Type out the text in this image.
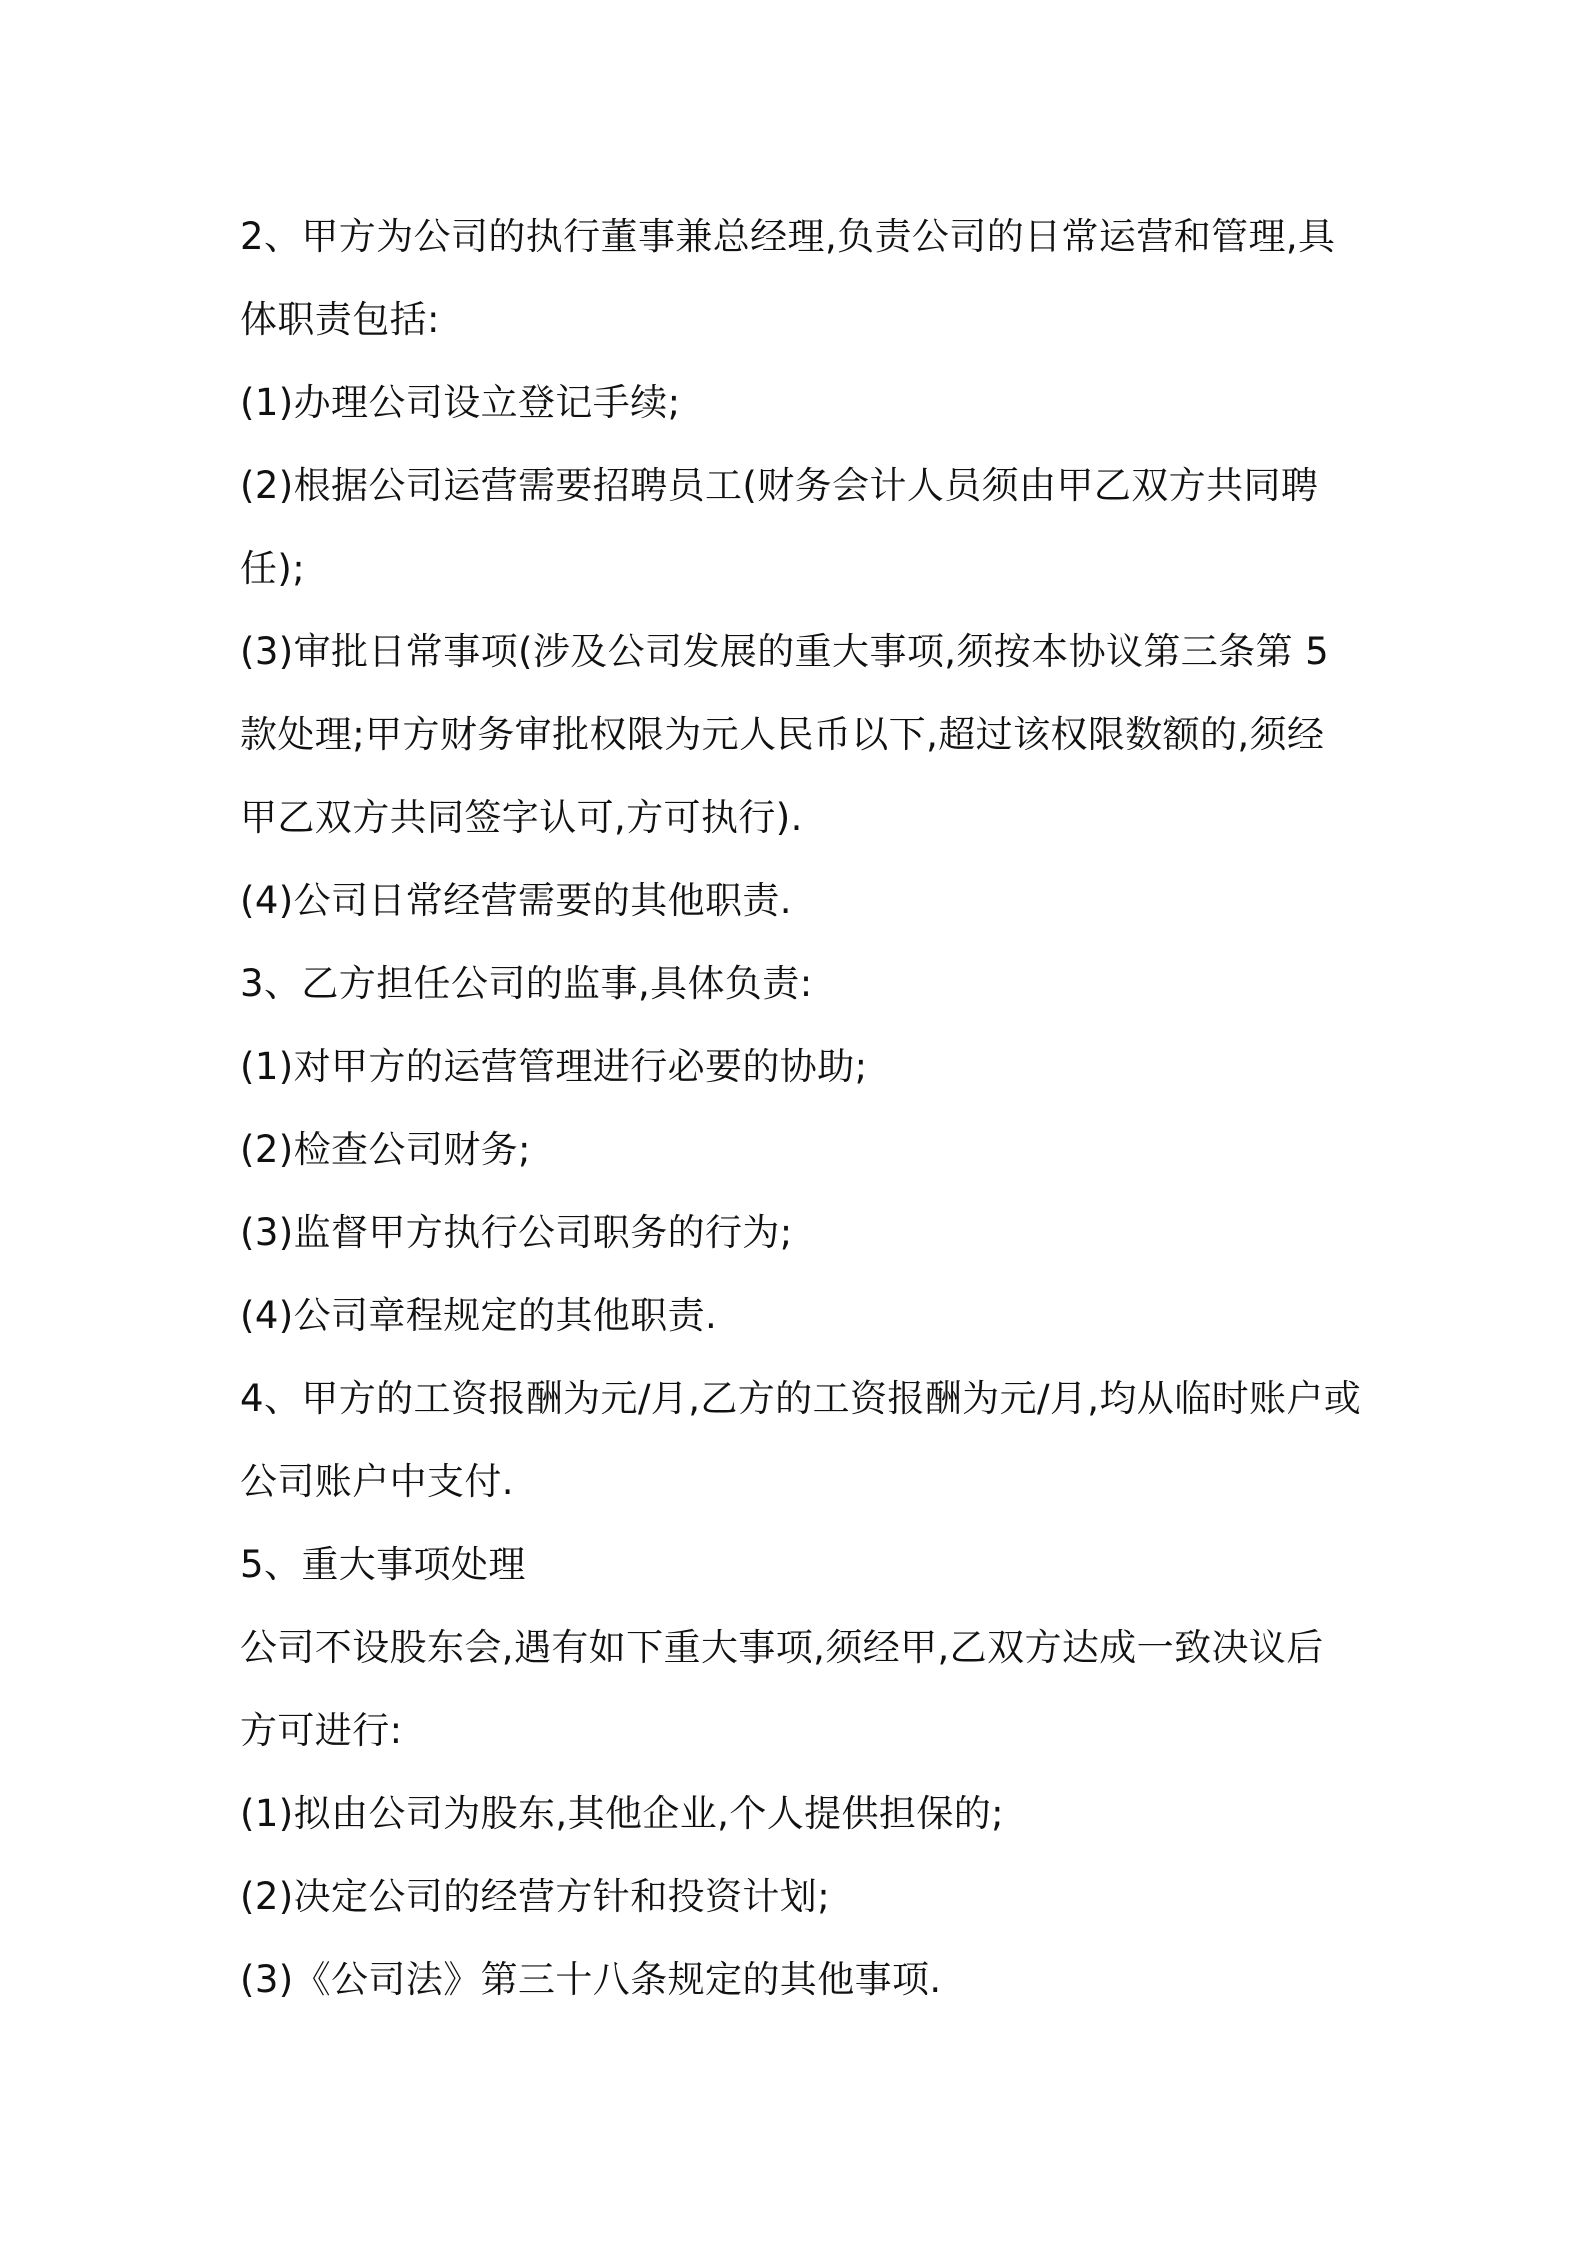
2、甲方为公司的执行董事兼总经理,负责公司的日常运营和管理,具
体职责包括:
(1)办理公司设立登记手续;
(2)根据公司运营需要招聘员工(财务会计人员须由甲乙双方共同聘
任);
(3)审批日常事项(涉及公司发展的重大事项,须按本协议第三条第 5
款处理;甲方财务审批权限为元人民币以下,超过该权限数额的,须经
甲乙双方共同签字认可,方可执行).
(4)公司日常经营需要的其他职责.
3、乙方担任公司的监事,具体负责:
(1)对甲方的运营管理进行必要的协助;
(2)检查公司财务;
(3)监督甲方执行公司职务的行为;
(4)公司章程规定的其他职责.
4、甲方的工资报酬为元/月,乙方的工资报酬为元/月,均从临时账户或
公司账户中支付.
5、重大事项处理
公司不设股东会,遇有如下重大事项,须经甲,乙双方达成一致决议后
方可进行:
(1)拟由公司为股东,其他企业,个人提供担保的;
(2)决定公司的经营方针和投资计划;
(3)《公司法》第三十八条规定的其他事项.
